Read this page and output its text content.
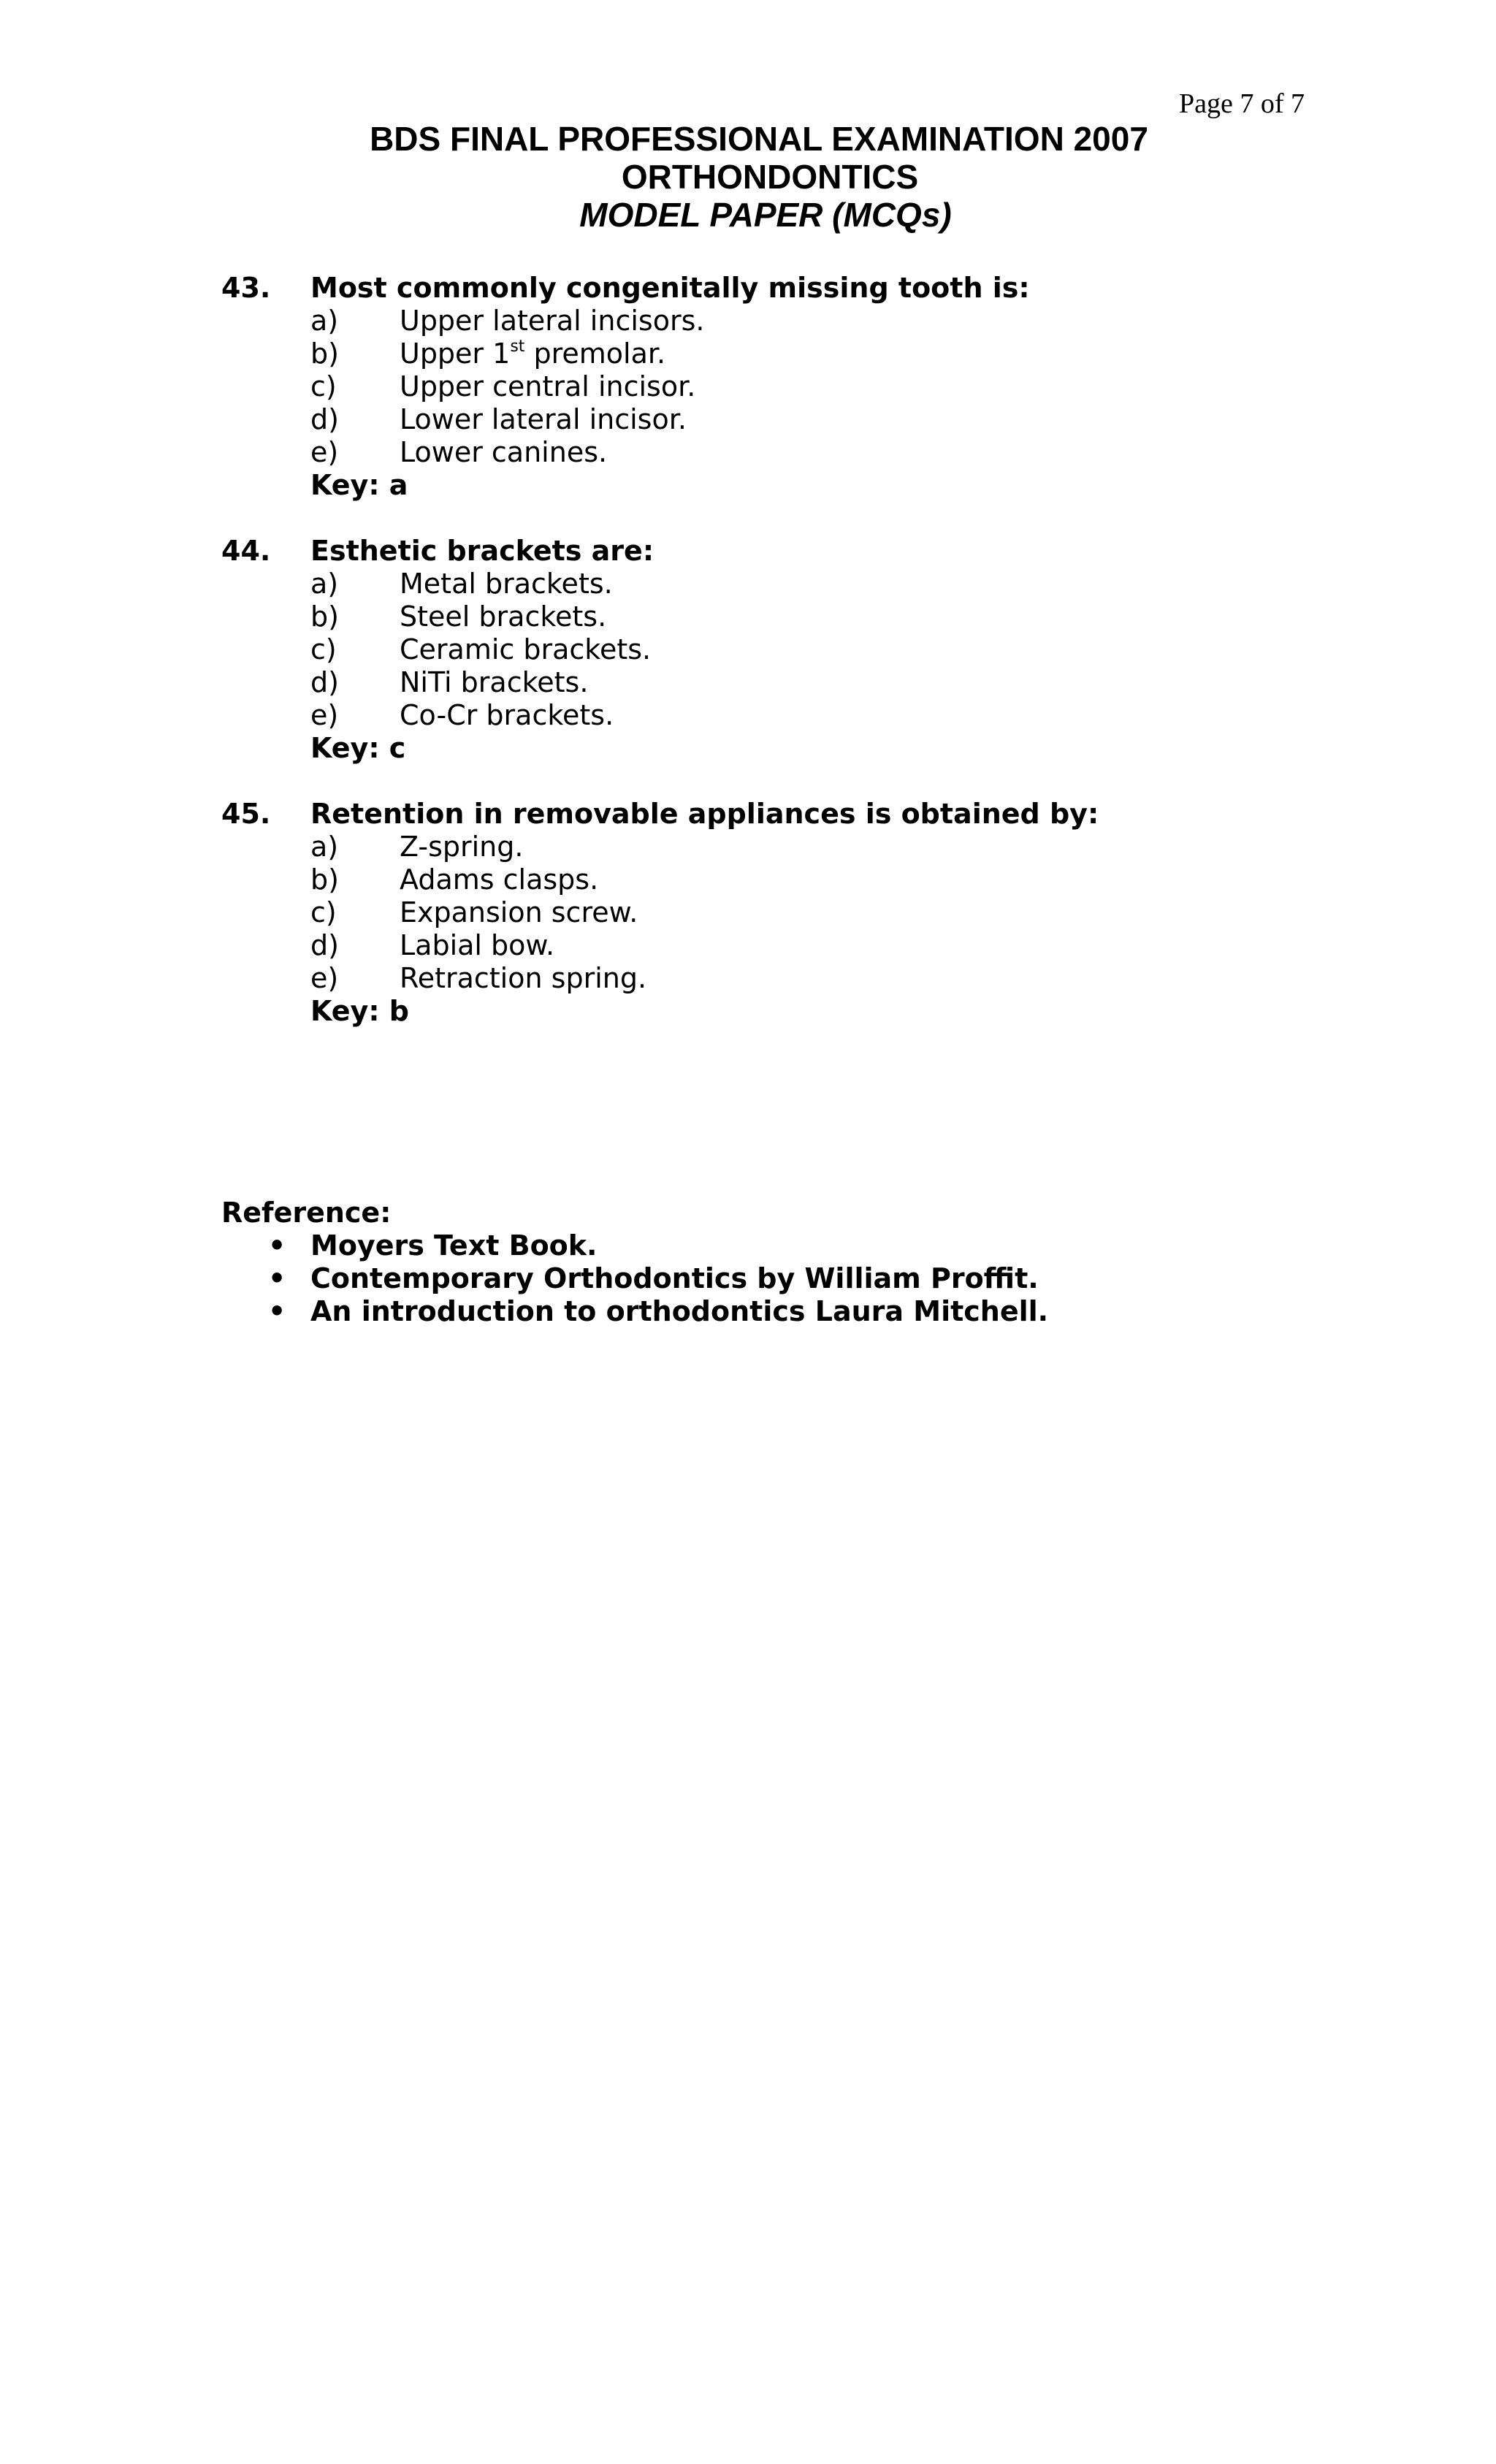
Page 7 of 7
BDS FINAL PROFESSIONAL EXAMINATION 2007
ORTHONDONTICS
MODEL PAPER (MCQs)
43.	Most commonly congenitally missing tooth is:
a)	Upper lateral incisors.
b)	Upper 1st premolar.
c)	Upper central incisor.
d)	Lower lateral incisor.
e)	Lower canines.
Key: a
44.	Esthetic brackets are:
a)	Metal brackets.
b)	Steel brackets.
c)	Ceramic brackets.
d)	NiTi brackets.
e)	Co-Cr brackets.
Key: c
45.	Retention in removable appliances is obtained by:
a)	Z-spring.
b)	Adams clasps.
c)	Expansion screw.
d)	Labial bow.
e)	Retraction spring.
Key: b
Reference:
• Moyers Text Book.
• Contemporary Orthodontics by William Proffit.
• An introduction to orthodontics Laura Mitchell.
